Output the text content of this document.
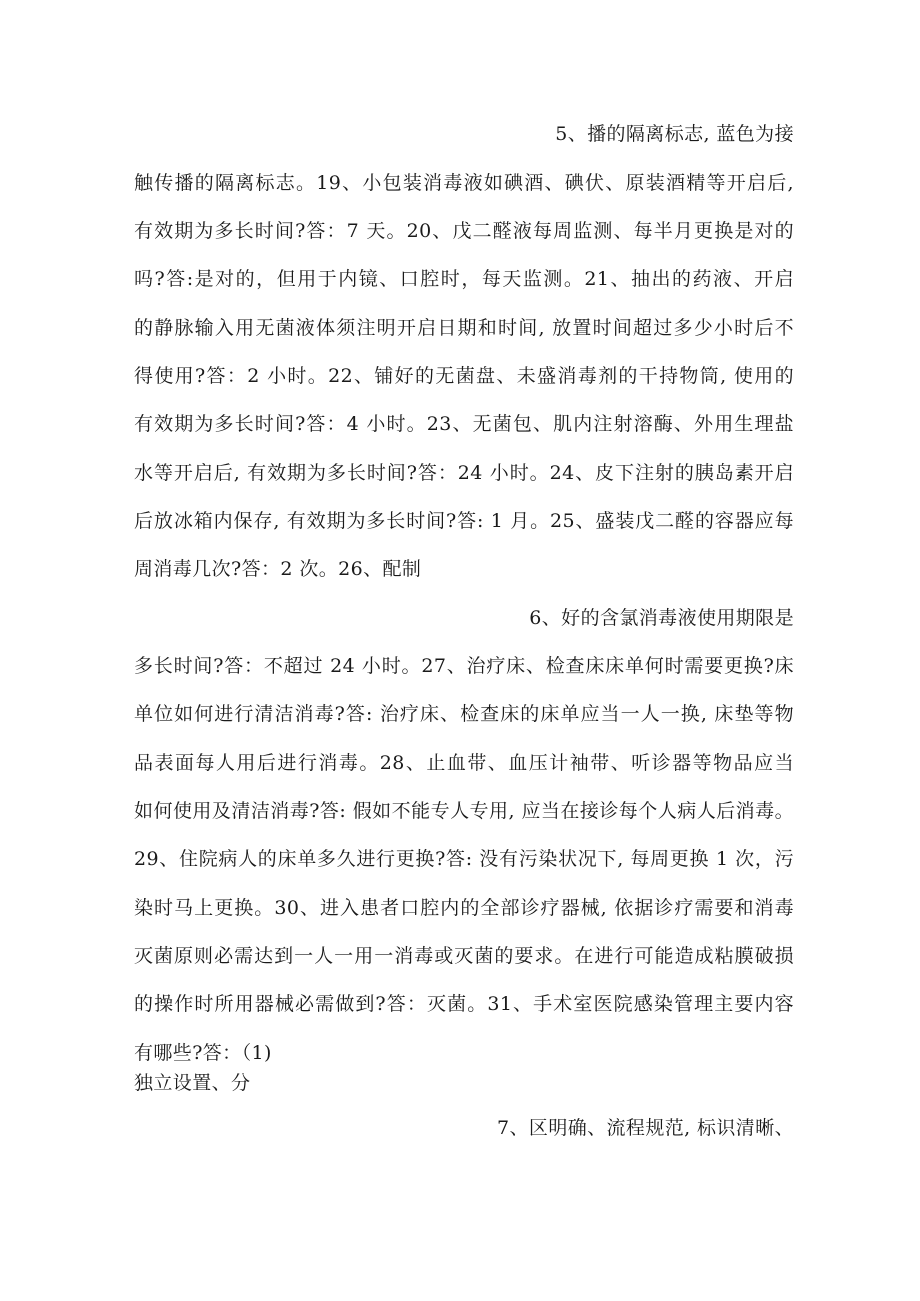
5、播的隔离标志, 蓝色为接
触传播的隔离标志。19、小包装消毒液如碘酒、碘伏、原装酒精等开启后,
有效期为多长时间?答：7 天。20、戊二醛液每周监测、每半月更换是对的
吗?答:是对的，但用于内镜、口腔时，每天监测。21、抽出的药液、开启
的静脉输入用无菌液体须注明开启日期和时间, 放置时间超过多少小时后不
得使用?答：2 小时。22、铺好的无菌盘、未盛消毒剂的干持物筒, 使用的
有效期为多长时间?答：4 小时。23、无菌包、肌内注射溶酶、外用生理盐
水等开启后, 有效期为多长时间?答：24 小时。24、皮下注射的胰岛素开启
后放冰箱内保存, 有效期为多长时间?答: 1 月。25、盛装戊二醛的容器应每
周消毒几次?答：2 次。26、配制
6、好的含氯消毒液使用期限是
多长时间?答：不超过 24 小时。27、治疗床、检查床床单何时需要更换?床
单位如何进行清洁消毒?答: 治疗床、检查床的床单应当一人一换, 床垫等物
品表面每人用后进行消毒。28、止血带、血压计袖带、听诊器等物品应当
如何使用及清洁消毒?答: 假如不能专人专用, 应当在接诊每个人病人后消毒。
29、住院病人的床单多久进行更换?答: 没有污染状况下, 每周更换 1 次，污
染时马上更换。30、进入患者口腔内的全部诊疗器械, 依据诊疗需要和消毒
灭菌原则必需达到一人一用一消毒或灭菌的要求。在进行可能造成粘膜破损
的操作时所用器械必需做到?答：灭菌。31、手术室医院感染管理主要内容
有哪些?答：（1)
独立设置、分
7、区明确、流程规范, 标识清晰、
